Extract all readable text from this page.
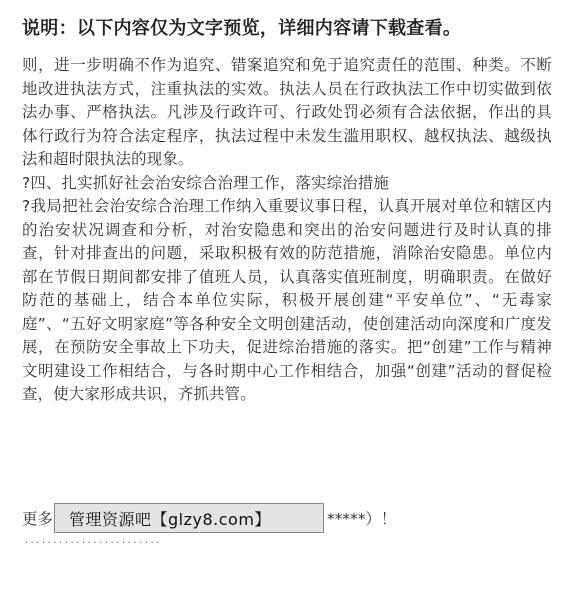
说明：以下内容仅为文字预览，详细内容请下载查看。

则，进一步明确不作为追究、错案追究和免于追究责任的范围、种类。不断地改进执法方式，注重执法的实效。执法人员在行政执法工作中切实做到依法办事、严格执法。凡涉及行政许可、行政处罚必须有合法依据，作出的具体行政行为符合法定程序，执法过程中未发生滥用职权、越权执法、越级执法和超时限执法的现象。

?四、扎实抓好社会治安综合治理工作，落实综治措施

?我局把社会治安综合治理工作纳入重要议事日程，认真开展对单位和辖区内的治安状况调查和分析，对治安隐患和突出的治安问题进行及时认真的排查，针对排查出的问题，采取积极有效的防范措施，消除治安隐患。单位内部在节假日期间都安排了值班人员，认真落实值班制度，明确职责。在做好防范的基础上，结合本单位实际，积极开展创建“平安单位”、“无毒家庭”、“五好文明家庭”等各种安全文明创建活动，使创建活动向深度和广度发展，在预防安全事故上下功夫，促进综治措施的落实。把“创建”工作与精神文明建设工作相结合，与各时期中心工作相结合，加强“创建”活动的督促检查，使大家形成共识，齐抓共管。

更多	*****）！
管理资源吧【glzy8.com】
························
